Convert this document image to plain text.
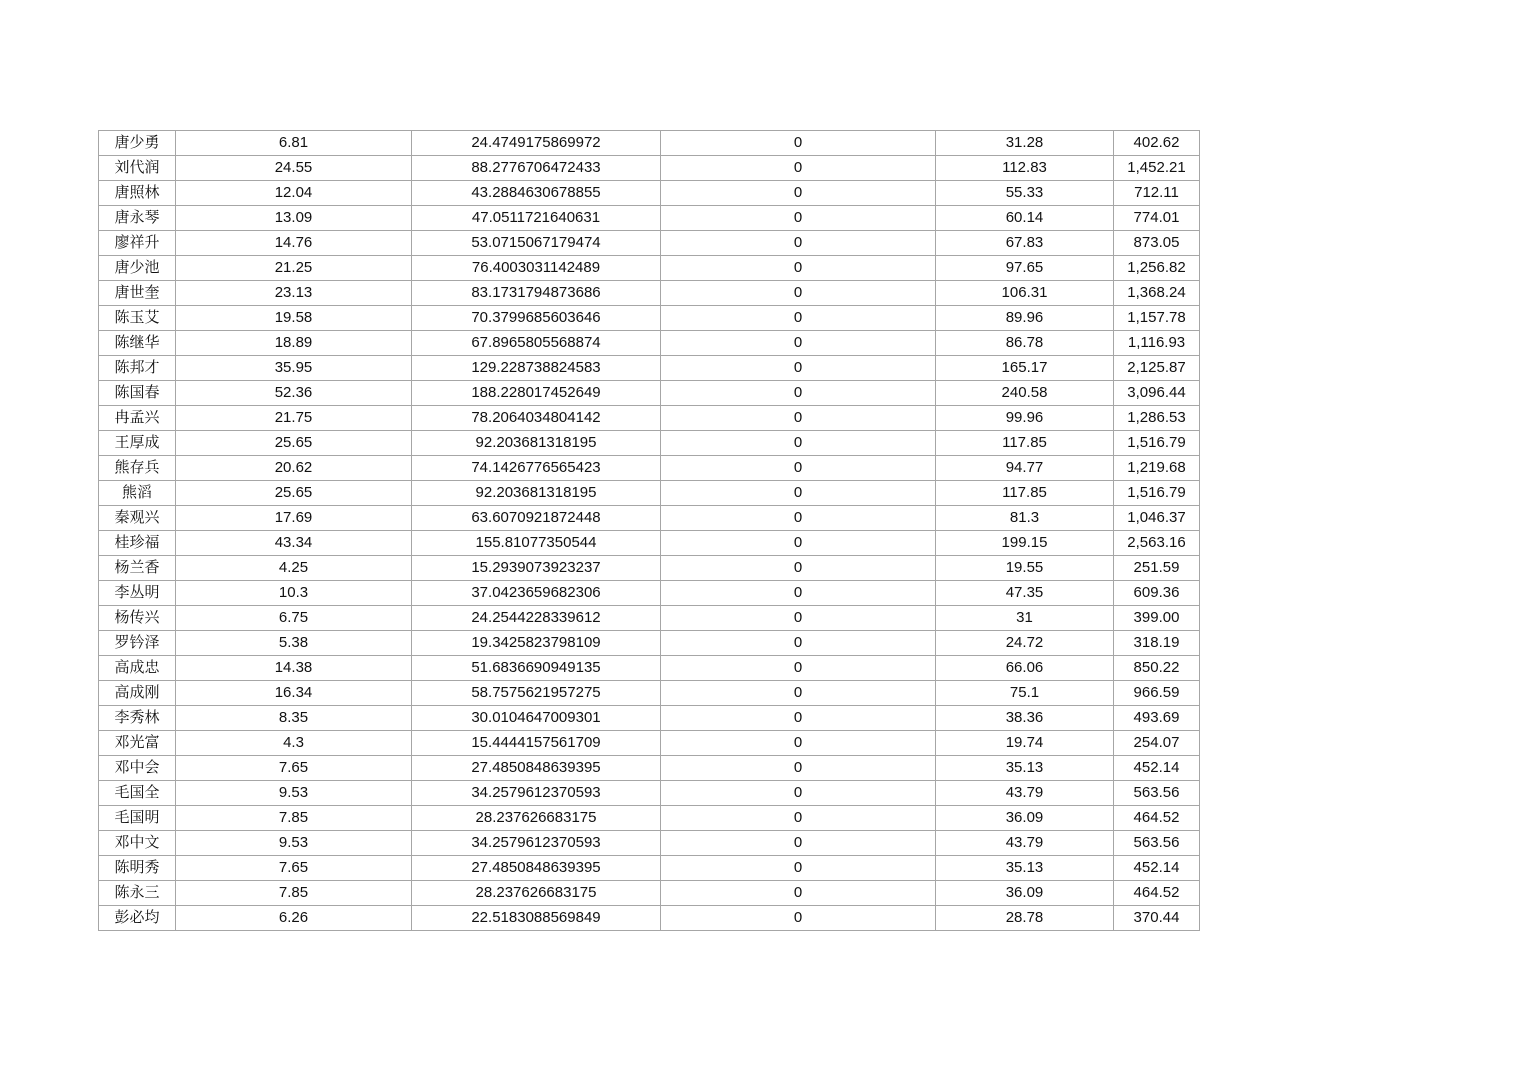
唐少勇	6.81	24.4749175869972	0	31.28	402.62
刘代润	24.55	88.2776706472433	0	112.83	1,452.21
唐照林	12.04	43.2884630678855	0	55.33	712.11
唐永琴	13.09	47.0511721640631	0	60.14	774.01
廖祥升	14.76	53.0715067179474	0	67.83	873.05
唐少池	21.25	76.4003031142489	0	97.65	1,256.82
唐世奎	23.13	83.1731794873686	0	106.31	1,368.24
陈玉艾	19.58	70.3799685603646	0	89.96	1,157.78
陈继华	18.89	67.8965805568874	0	86.78	1,116.93
陈邦才	35.95	129.228738824583	0	165.17	2,125.87
陈国春	52.36	188.228017452649	0	240.58	3,096.44
冉孟兴	21.75	78.2064034804142	0	99.96	1,286.53
王厚成	25.65	92.203681318195	0	117.85	1,516.79
熊存兵	20.62	74.1426776565423	0	94.77	1,219.68
熊滔	25.65	92.203681318195	0	117.85	1,516.79
秦观兴	17.69	63.6070921872448	0	81.3	1,046.37
桂珍福	43.34	155.81077350544	0	199.15	2,563.16
杨兰香	4.25	15.2939073923237	0	19.55	251.59
李丛明	10.3	37.0423659682306	0	47.35	609.36
杨传兴	6.75	24.2544228339612	0	31	399.00
罗钤泽	5.38	19.3425823798109	0	24.72	318.19
高成忠	14.38	51.6836690949135	0	66.06	850.22
高成刚	16.34	58.7575621957275	0	75.1	966.59
李秀林	8.35	30.0104647009301	0	38.36	493.69
邓光富	4.3	15.4444157561709	0	19.74	254.07
邓中会	7.65	27.4850848639395	0	35.13	452.14
毛国全	9.53	34.2579612370593	0	43.79	563.56
毛国明	7.85	28.237626683175	0	36.09	464.52
邓中文	9.53	34.2579612370593	0	43.79	563.56
陈明秀	7.65	27.4850848639395	0	35.13	452.14
陈永三	7.85	28.237626683175	0	36.09	464.52
彭必均	6.26	22.5183088569849	0	28.78	370.44
